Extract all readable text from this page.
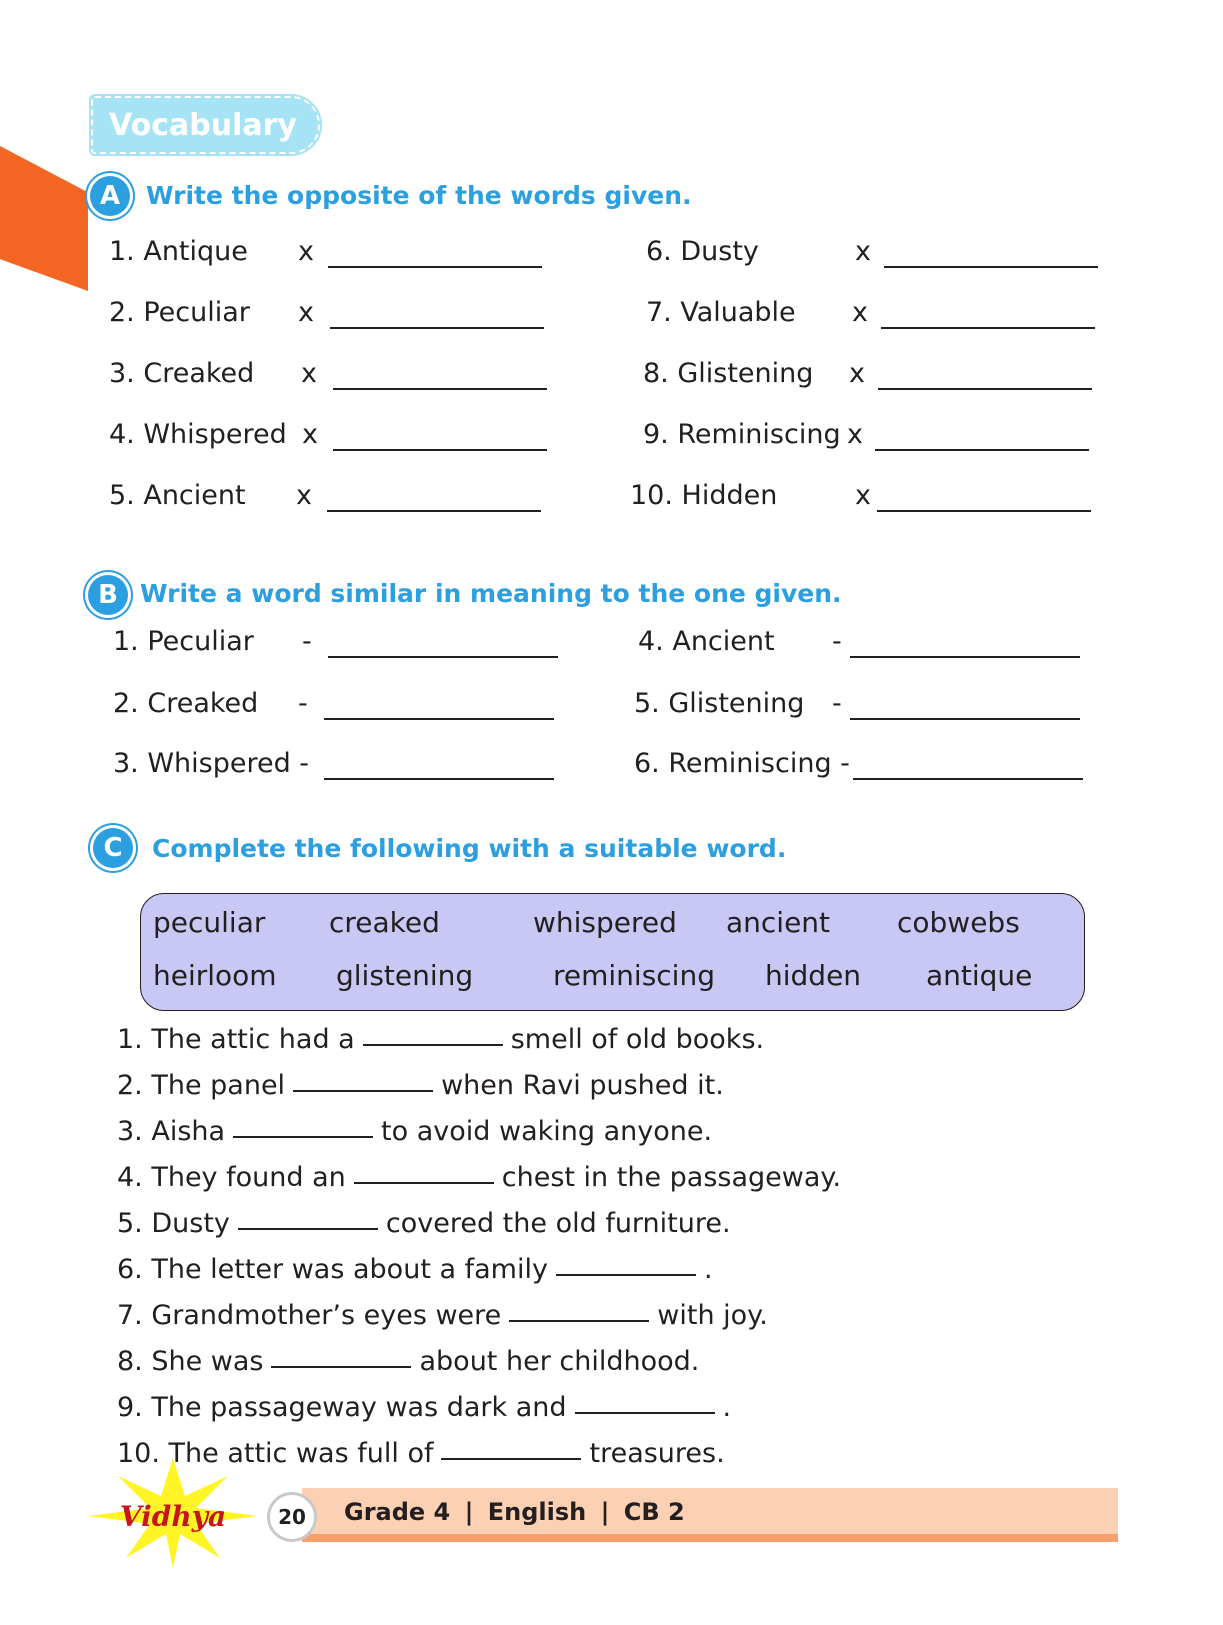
Vocabulary
A	Write the opposite of the words given.
1. Antique x
2. Peculiar x
3. Creaked x
4. Whispered x
5. Ancient x
6. Dusty	x
7. Valuable x
8. Glistening x
9. Reminiscing x
10. Hidden	x
B Write a word similar in meaning to the one given.
1. Peculiar -
2. Creaked -
3. Whispered -
4. Ancient -
5. Glistening -
6. Reminiscing -
C	Complete the following with a suitable word.
peculiar creaked	whispered ancient cobwebs
heirloom glistening	reminiscing hidden antique
1. The attic had a	smell of old books.
2. The panel	when Ravi pushed it.
3. Aisha	to avoid waking anyone.
4. They found an	chest in the passageway.
5. Dusty	covered the old furniture.
6. The letter was about a family	.
7. Grandmother’s eyes were	with joy.
8. She was	about her childhood.
9. The passageway was dark and	.
10. The attic was full of	treasures.
Vidhya	20	Grade 4 | English | CB 2
